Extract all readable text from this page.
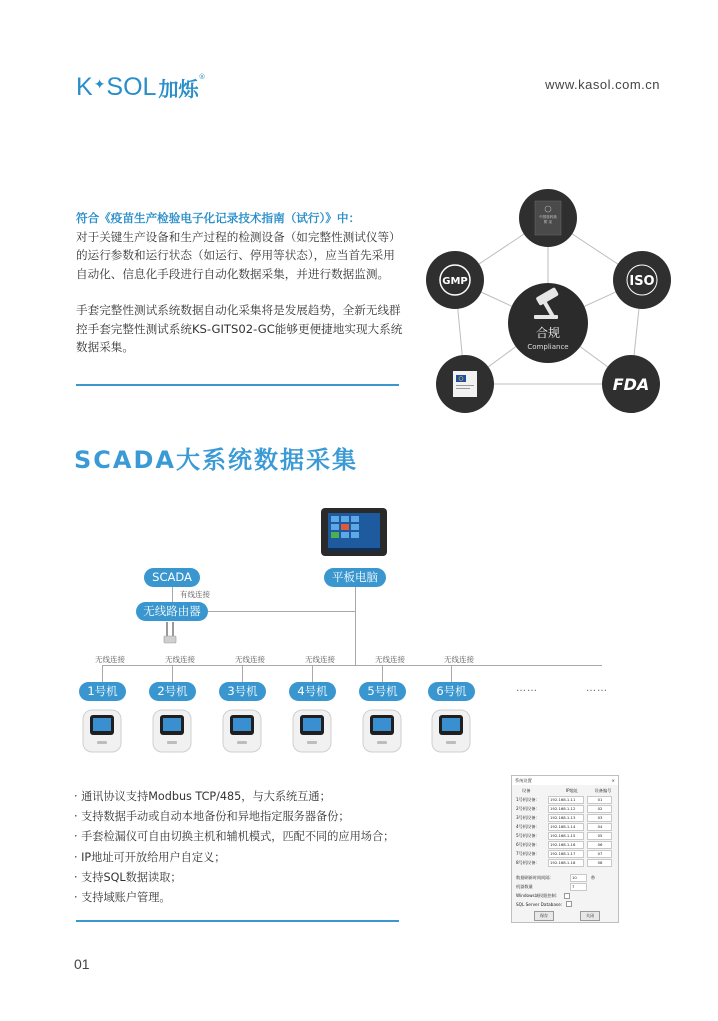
K ✦ SOL 加烁 ®	www.kasol.com.cn

符合《疫苗生产检验电子化记录技术指南（试行）》中：
对于关键生产设备和生产过程的检测设备（如完整性测试仪等）的运行参数和运行状态（如运行、停用等状态），应当首先采用自动化、信息化手段进行自动化数据采集，并进行数据监测。

手套完整性测试系统数据自动化采集将是发展趋势，全新无线群控手套完整性测试系统KS-GITS02-GC能够更便捷地实现大系统数据采集。

中国兽药典
附 录
GMP	ISO
FDA
合规
Compliance
SCADA大系统数据采集
SCADA	平板电脑
有线连接
无线路由器
无线连接
1号机
无线连接
2号机
无线连接
3号机
无线连接
4号机
无线连接
5号机
无线连接
6号机	……	……
· 通讯协议支持Modbus TCP/485，与大系统互通；
· 支持数据手动或自动本地备份和异地指定服务器备份；
· 手套检漏仪可自由切换主机和辅机模式，匹配不同的应用场合；
· IP地址可开放给用户自定义；
· 支持SQL数据读取；
· 支持域账户管理。
系统设置	×
设备	IP地址	设备编号
1号机设备：	192.168.1.11	01
2号机设备：	192.168.1.12	02
3号机设备：	192.168.1.13	03
4号机设备：	192.168.1.14	04
5号机设备：	192.168.1.15	05
6号机设备：	192.168.1.16	06
7号机设备：	192.168.1.17	07
8号机设备：	192.168.1.18	08
数据刷新时间间隔：	10	秒
机器数量	7
Windows域权限控制：
SQL Server Database:
保存	关闭
01
